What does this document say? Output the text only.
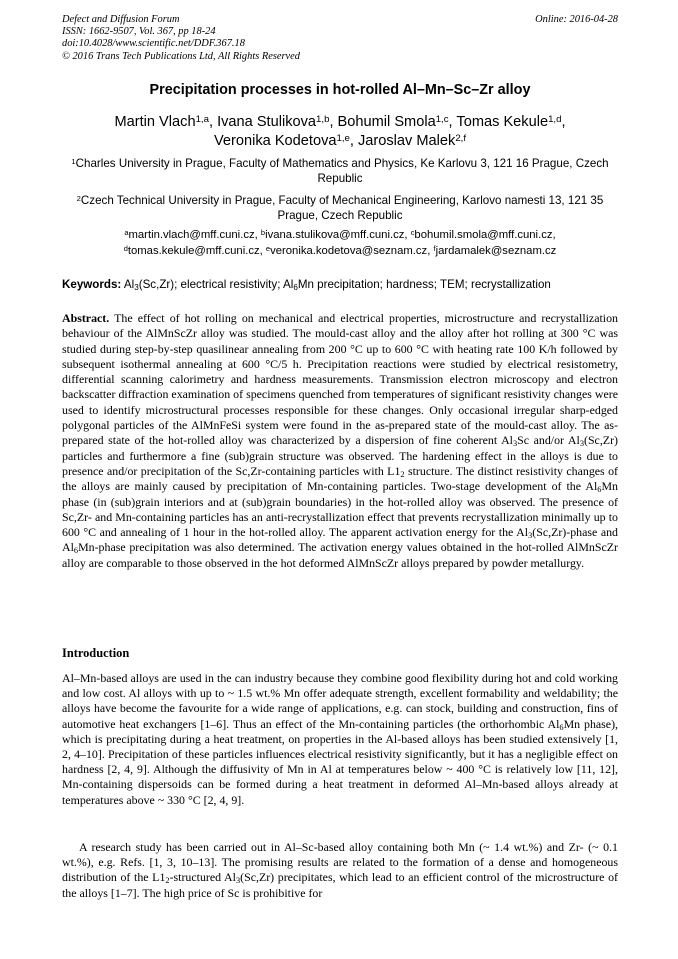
Defect and Diffusion Forum
ISSN: 1662-9507, Vol. 367, pp 18-24
doi:10.4028/www.scientific.net/DDF.367.18
© 2016 Trans Tech Publications Ltd, All Rights Reserved
Online: 2016-04-28
Precipitation processes in hot-rolled Al–Mn–Sc–Zr alloy
Martin Vlach$^{1,a}$, Ivana Stulikova$^{1,b}$, Bohumil Smola$^{1,c}$, Tomas Kekule$^{1,d}$,
Veronika Kodetova$^{1,e}$, Jaroslav Malek$^{2,f}$
$^1$Charles University in Prague, Faculty of Mathematics and Physics, Ke Karlovu 3, 121 16 Prague, Czech Republic
$^2$Czech Technical University in Prague, Faculty of Mechanical Engineering, Karlovo namesti 13, 121 35 Prague, Czech Republic
$^a$martin.vlach@mff.cuni.cz, $^b$ivana.stulikova@mff.cuni.cz, $^c$bohumil.smola@mff.cuni.cz,
$^d$tomas.kekule@mff.cuni.cz, $^e$veronika.kodetova@seznam.cz, $^f$jardamalek@seznam.cz
Keywords: $Al_3(Sc,Zr)$; electrical resistivity; $Al_6Mn$ precipitation; hardness; TEM; recrystallization
Abstract. The effect of hot rolling on mechanical and electrical properties, microstructure and recrystallization behaviour of the AlMnScZr alloy was studied. The mould-cast alloy and the alloy after hot rolling at 300 °C was studied during step-by-step quasilinear annealing from 200 °C up to 600 °C with heating rate 100 K/h followed by subsequent isothermal annealing at 600 °C/5 h. Precipitation reactions were studied by electrical resistometry, differential scanning calorimetry and hardness measurements. Transmission electron microscopy and electron backscatter diffraction examination of specimens quenched from temperatures of significant resistivity changes were used to identify microstructural processes responsible for these changes. Only occasional irregular sharp-edged polygonal particles of the AlMnFeSi system were found in the as-prepared state of the mould-cast alloy. The as-prepared state of the hot-rolled alloy was characterized by a dispersion of fine coherent $Al_3Sc$ and/or $Al_3(Sc,Zr)$ particles and furthermore a fine (sub)grain structure was observed. The hardening effect in the alloys is due to presence and/or precipitation of the Sc,Zr-containing particles with $L1_2$ structure. The distinct resistivity changes of the alloys are mainly caused by precipitation of Mn-containing particles. Two-stage development of the $Al_6Mn$ phase (in (sub)grain interiors and at (sub)grain boundaries) in the hot-rolled alloy was observed. The presence of Sc,Zr- and Mn-containing particles has an anti-recrystallization effect that prevents recrystallization minimally up to 600 °C and annealing of 1 hour in the hot-rolled alloy. The apparent activation energy for the $Al_3(Sc,Zr)$-phase and $Al_6Mn$-phase precipitation was also determined. The activation energy values obtained in the hot-rolled AlMnScZr alloy are comparable to those observed in the hot deformed AlMnScZr alloys prepared by powder metallurgy.
Introduction
Al–Mn-based alloys are used in the can industry because they combine good flexibility during hot and cold working and low cost. Al alloys with up to ~ 1.5 wt.% Mn offer adequate strength, excellent formability and weldability; the alloys have become the favourite for a wide range of applications, e.g. can stock, building and construction, fins of automotive heat exchangers [1–6]. Thus an effect of the Mn-containing particles (the orthorhombic $Al_6Mn$ phase), which is precipitating during a heat treatment, on properties in the Al-based alloys has been studied extensively [1, 2, 4–10]. Precipitation of these particles influences electrical resistivity significantly, but it has a negligible effect on hardness [2, 4, 9]. Although the diffusivity of Mn in Al at temperatures below ~ 400 °C is relatively low [11, 12], Mn-containing dispersoids can be formed during a heat treatment in deformed Al–Mn-based alloys already at temperatures above ~ 330 °C [2, 4, 9].
A research study has been carried out in Al–Sc-based alloy containing both Mn (~ 1.4 wt.%) and Zr- (~ 0.1 wt.%), e.g. Refs. [1, 3, 10–13]. The promising results are related to the formation of a dense and homogeneous distribution of the $L1_2$-structured $Al_3(Sc,Zr)$ precipitates, which lead to an efficient control of the microstructure of the alloys [1–7]. The high price of Sc is prohibitive for
